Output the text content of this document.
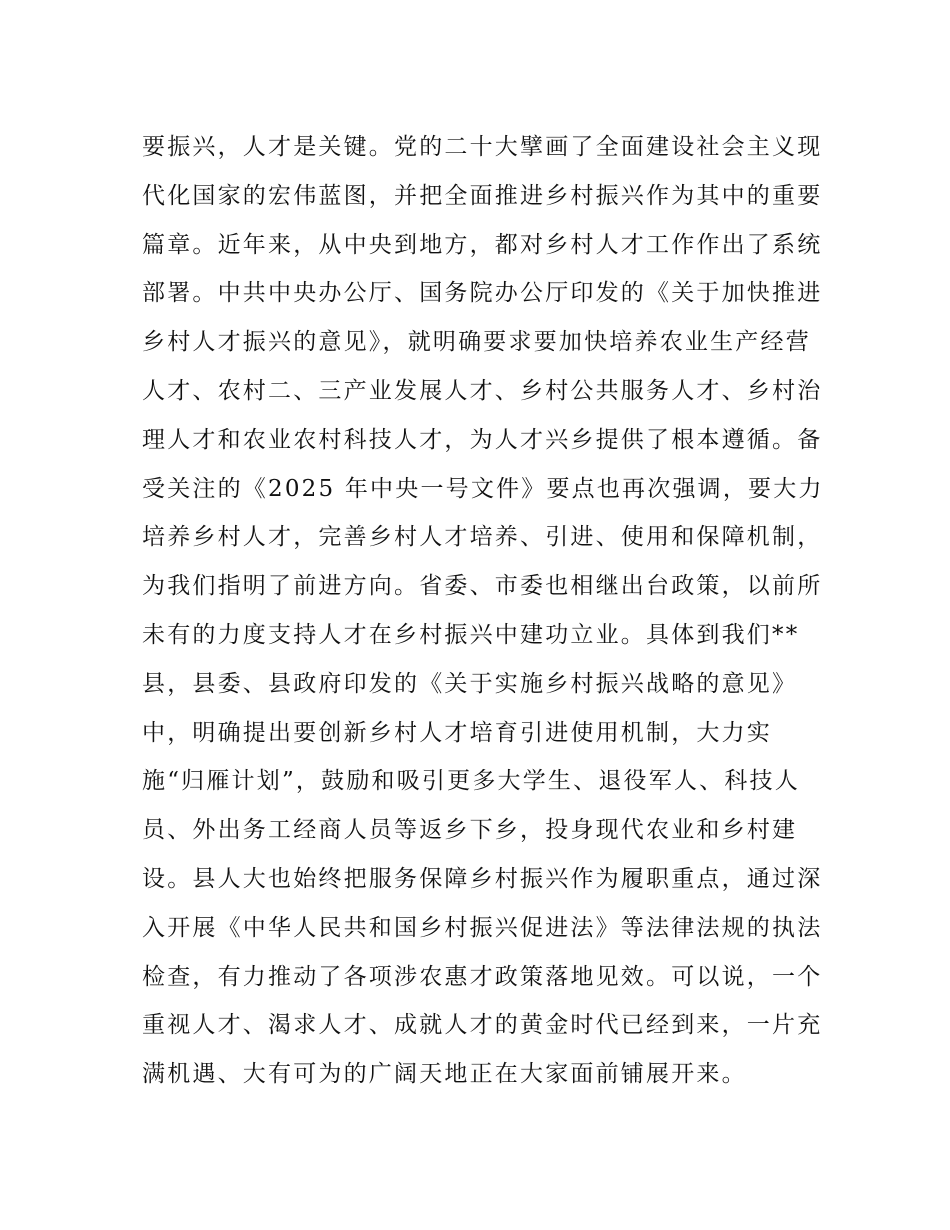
要振兴，人才是关键。党的二十大擘画了全面建设社会主义现
代化国家的宏伟蓝图，并把全面推进乡村振兴作为其中的重要
篇章。近年来，从中央到地方，都对乡村人才工作作出了系统
部署。中共中央办公厅、国务院办公厅印发的《关于加快推进
乡村人才振兴的意见》，就明确要求要加快培养农业生产经营
人才、农村二、三产业发展人才、乡村公共服务人才、乡村治
理人才和农业农村科技人才，为人才兴乡提供了根本遵循。备
受关注的《2025 年中央一号文件》要点也再次强调，要大力
培养乡村人才，完善乡村人才培养、引进、使用和保障机制，
为我们指明了前进方向。省委、市委也相继出台政策，以前所
未有的力度支持人才在乡村振兴中建功立业。具体到我们**
县，县委、县政府印发的《关于实施乡村振兴战略的意见》
中，明确提出要创新乡村人才培育引进使用机制，大力实
施“归雁计划”，鼓励和吸引更多大学生、退役军人、科技人
员、外出务工经商人员等返乡下乡，投身现代农业和乡村建
设。县人大也始终把服务保障乡村振兴作为履职重点，通过深
入开展《中华人民共和国乡村振兴促进法》等法律法规的执法
检查，有力推动了各项涉农惠才政策落地见效。可以说，一个
重视人才、渴求人才、成就人才的黄金时代已经到来，一片充
满机遇、大有可为的广阔天地正在大家面前铺展开来。
